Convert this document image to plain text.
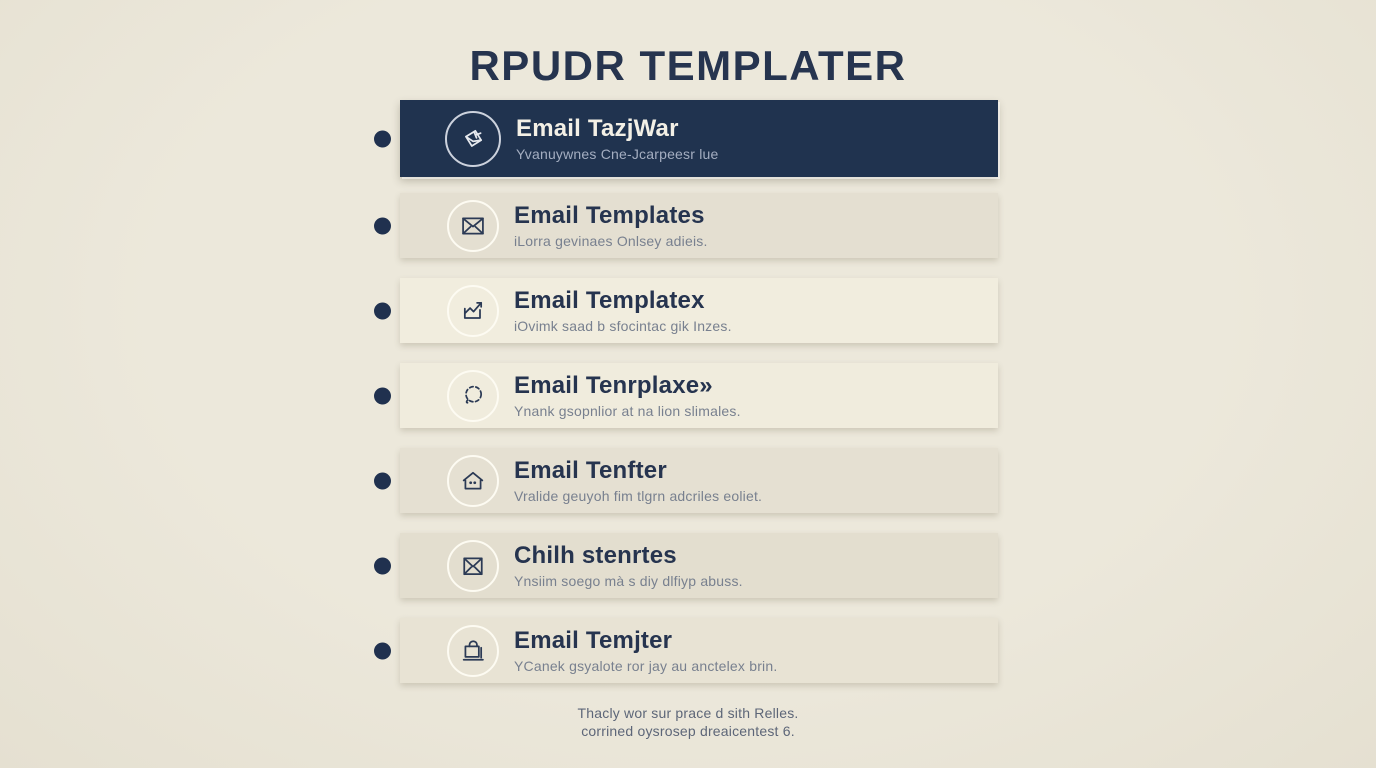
RPUDR TEMPLATER
Email TazjWar
Yvanuywnes Cne-Jcarpeesr lue
Email Templates
iLorra gevinaes Onlsey adieis.
Email Templatex
iOvimk saad b sfocintac gik Inzes.
Email Tenrplaxe»
Ynank gsopnlior at na lion slimales.
Email Tenfter
Vralide geuyoh fim tlgrn adcriles eoliet.
Chilh stenrtes
Ynsiim soego mà s diy dlfiyp abuss.
Email Temjter
YCanek gsyalote ror jay au anctelex brin.
Thacly wor sur prace d sith Relles.
corrined oysrosep dreaicentest 6.
